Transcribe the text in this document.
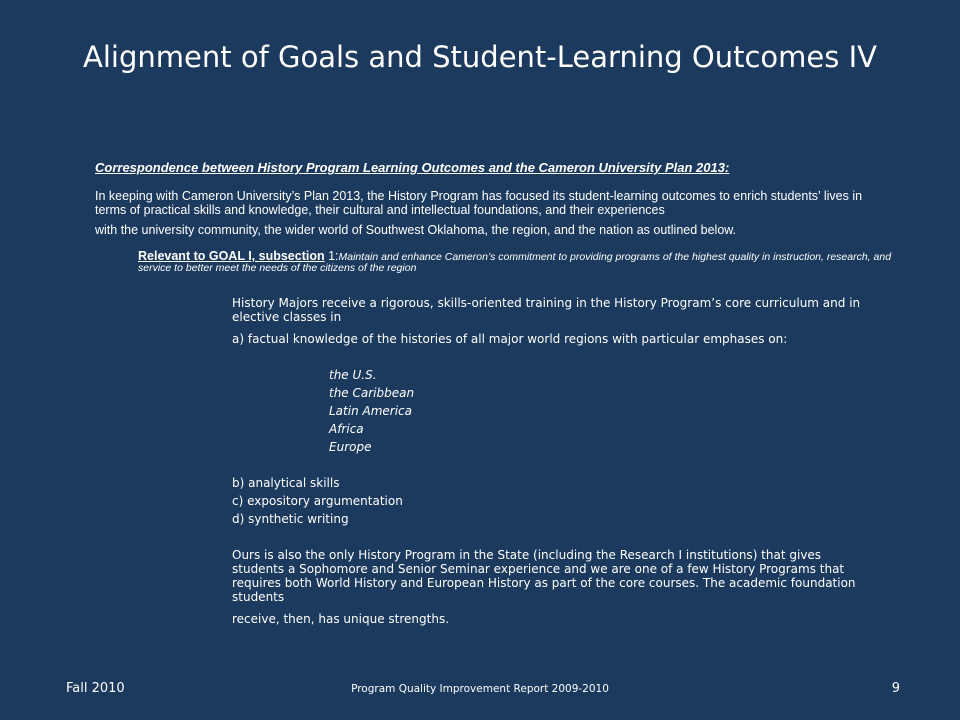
Alignment of Goals and Student-Learning Outcomes IV

Correspondence between History Program Learning Outcomes and the Cameron University Plan 2013:

In keeping with Cameron University’s Plan 2013, the History Program has focused its student-learning outcomes to enrich students’ lives in terms of practical skills and knowledge, their cultural and intellectual foundations, and their experiences

with the university community, the wider world of Southwest Oklahoma, the region, and the nation as outlined below.

Relevant to GOAL I, subsection 1:Maintain and enhance Cameron’s commitment to providing programs of the highest quality in instruction, research, and service to better meet the needs of the citizens of the region

History Majors receive a rigorous, skills-oriented training in the History Program’s core curriculum and in elective classes in

a) factual knowledge of the histories of all major world regions with particular emphases on:

the U.S.
the Caribbean
Latin America
Africa
Europe
b) analytical skills
c) expository argumentation
d) synthetic writing

Ours is also the only History Program in the State (including the Research I institutions) that gives students a Sophomore and Senior Seminar experience and we are one of a few History Programs that requires both World History and European History as part of the core courses. The academic foundation students

receive, then, has unique strengths.

Fall 2010	Program Quality Improvement Report 2009-2010	9
